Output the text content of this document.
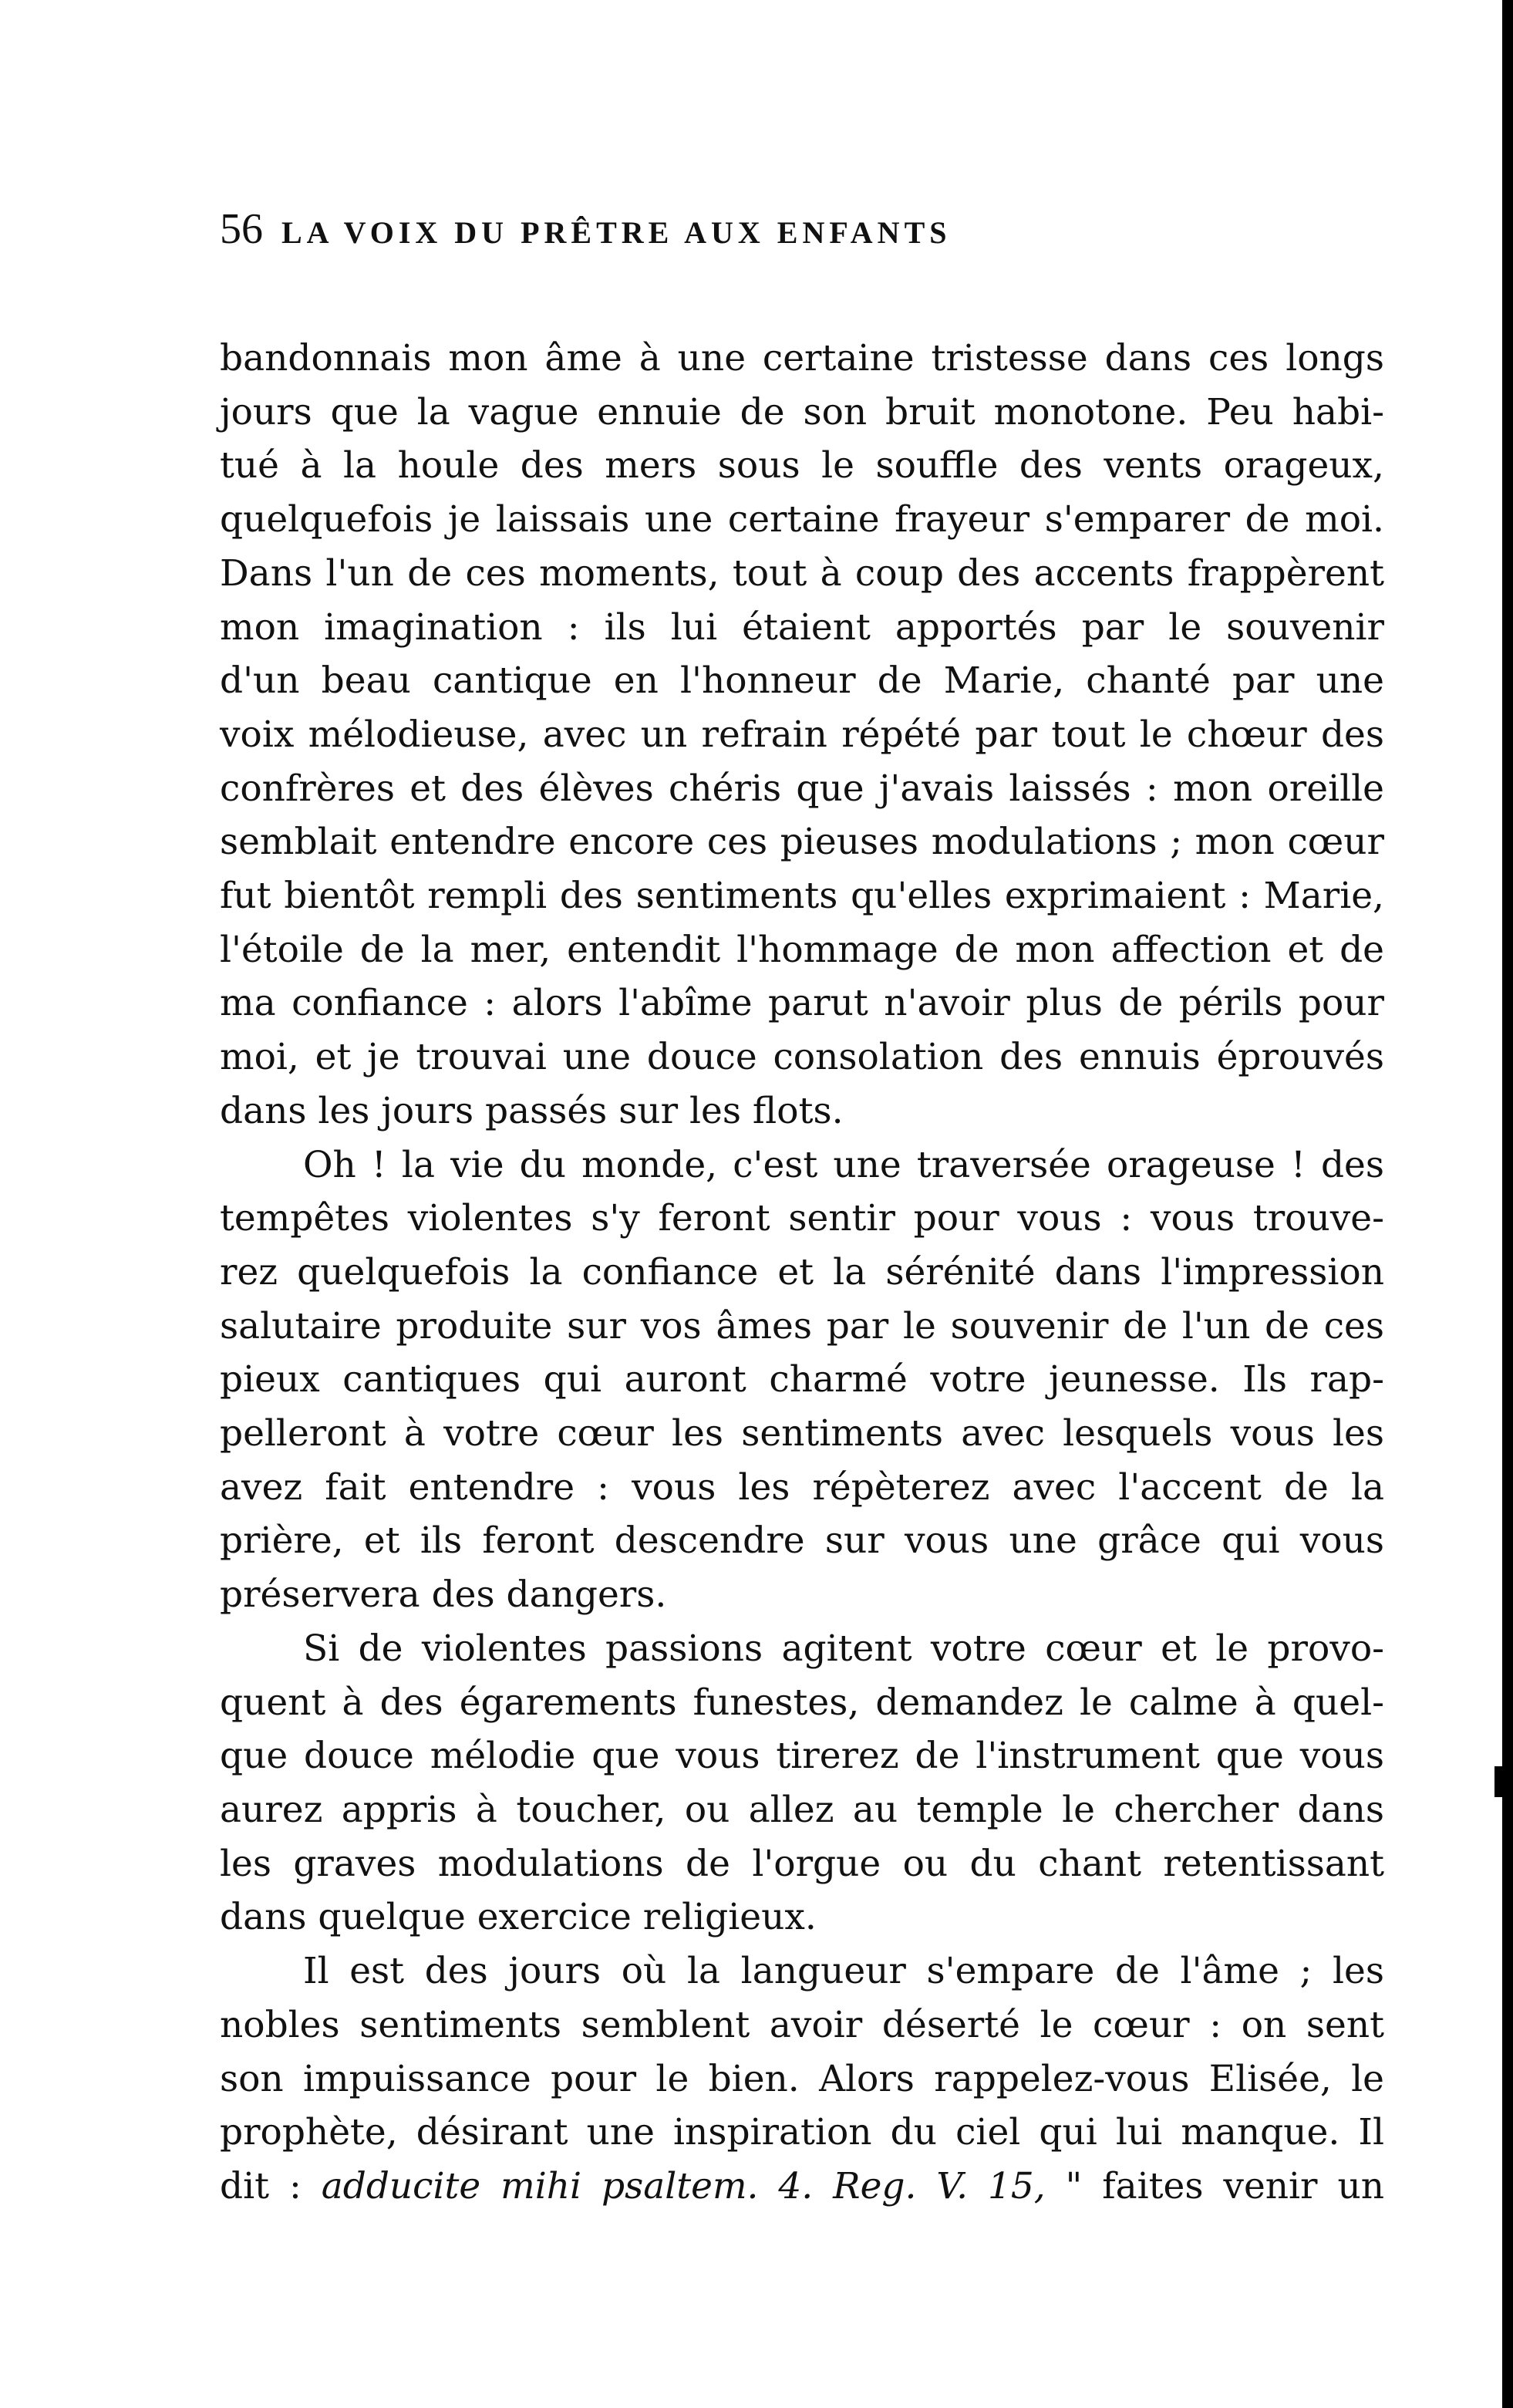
56 LA VOIX DU PRÊTRE AUX ENFANTS

bandonnais mon âme à une certaine tristesse dans ces longs
jours que la vague ennuie de son bruit monotone. Peu habi-
tué à la houle des mers sous le souffle des vents orageux,
quelquefois je laissais une certaine frayeur s'emparer de moi.
Dans l'un de ces moments, tout à coup des accents frappèrent
mon imagination : ils lui étaient apportés par le souvenir
d'un beau cantique en l'honneur de Marie, chanté par une
voix mélodieuse, avec un refrain répété par tout le chœur des
confrères et des élèves chéris que j'avais laissés : mon oreille
semblait entendre encore ces pieuses modulations ; mon cœur
fut bientôt rempli des sentiments qu'elles exprimaient : Marie,
l'étoile de la mer, entendit l'hommage de mon affection et de
ma confiance : alors l'abîme parut n'avoir plus de périls pour
moi, et je trouvai une douce consolation des ennuis éprouvés
dans les jours passés sur les flots.

Oh ! la vie du monde, c'est une traversée orageuse ! des
tempêtes violentes s'y feront sentir pour vous : vous trouve-
rez quelquefois la confiance et la sérénité dans l'impression
salutaire produite sur vos âmes par le souvenir de l'un de ces
pieux cantiques qui auront charmé votre jeunesse. Ils rap-
pelleront à votre cœur les sentiments avec lesquels vous les
avez fait entendre : vous les répèterez avec l'accent de la
prière, et ils feront descendre sur vous une grâce qui vous
préservera des dangers.

Si de violentes passions agitent votre cœur et le provo-
quent à des égarements funestes, demandez le calme à quel-
que douce mélodie que vous tirerez de l'instrument que vous
aurez appris à toucher, ou allez au temple le chercher dans
les graves modulations de l'orgue ou du chant retentissant
dans quelque exercice religieux.

Il est des jours où la langueur s'empare de l'âme ; les
nobles sentiments semblent avoir déserté le cœur : on sent
son impuissance pour le bien. Alors rappelez-vous Elisée, le
prophète, désirant une inspiration du ciel qui lui manque. Il
dit : adducite mihi psaltem. 4. Reg. V. 15, " faites venir un
